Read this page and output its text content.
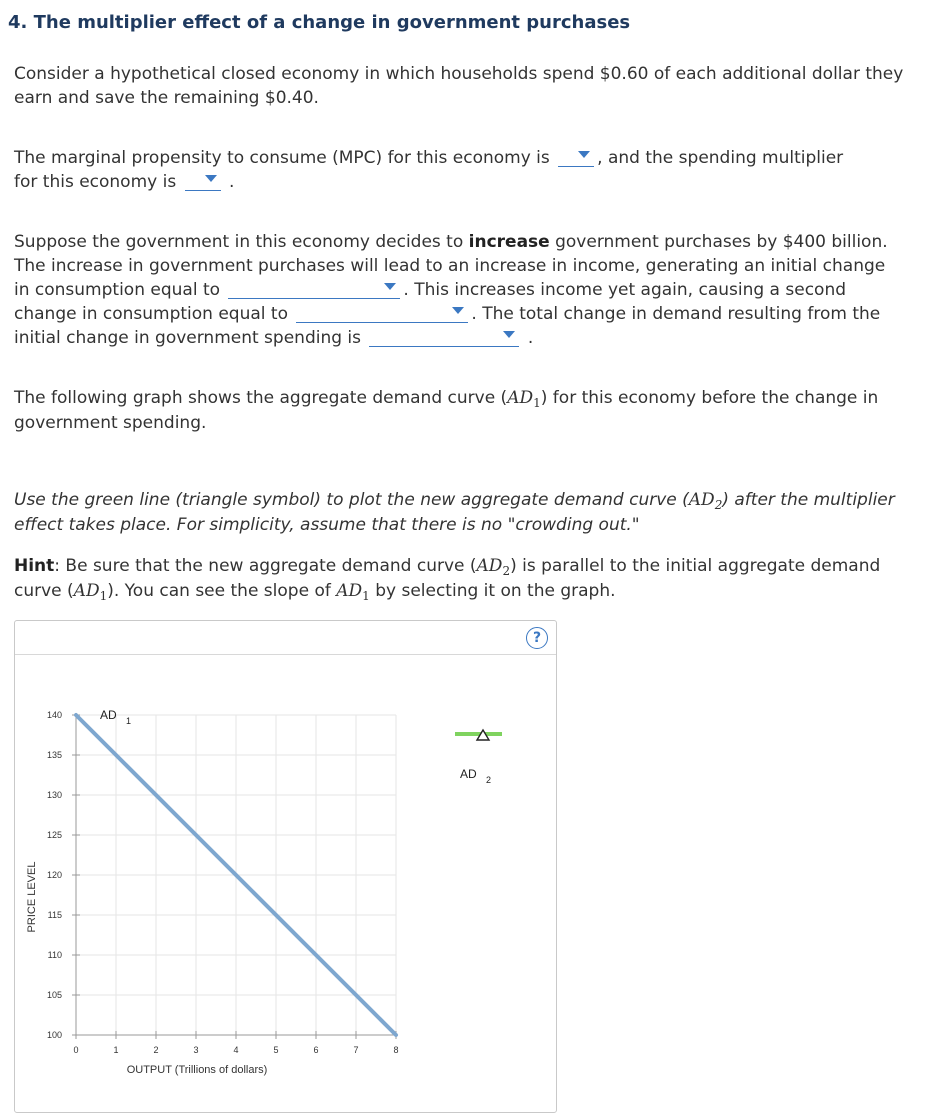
4. The multiplier effect of a change in government purchases
Consider a hypothetical closed economy in which households spend $0.60 of each additional dollar they earn and save the remaining $0.40.
The marginal propensity to consume (MPC) for this economy is	, and the spending multiplier
for this economy is	.
Suppose the government in this economy decides to increase government purchases by $400 billion. The increase in government purchases will lead to an increase in income, generating an initial change in consumption equal to	. This increases income yet again, causing a second change in consumption equal to	. The total change in demand resulting from the initial change in government spending is	.
The following graph shows the aggregate demand curve $(AD_1)$ for this economy before the change in government spending.
Use the green line (triangle symbol) to plot the new aggregate demand curve $(AD_2)$ after the multiplier effect takes place. For simplicity, assume that there is no "crowding out."
Hint: Be sure that the new aggregate demand curve $(AD_2)$ is parallel to the initial aggregate demand curve $(AD_1)$. You can see the slope of $AD_1$ by selecting it on the graph.
?
0	1	2	3	4	5	6	7	8
100
105
110
115
120
125
130
135
140	AD 1
PRICE LEVEL
OUTPUT (Trillions of dollars)
AD 2
